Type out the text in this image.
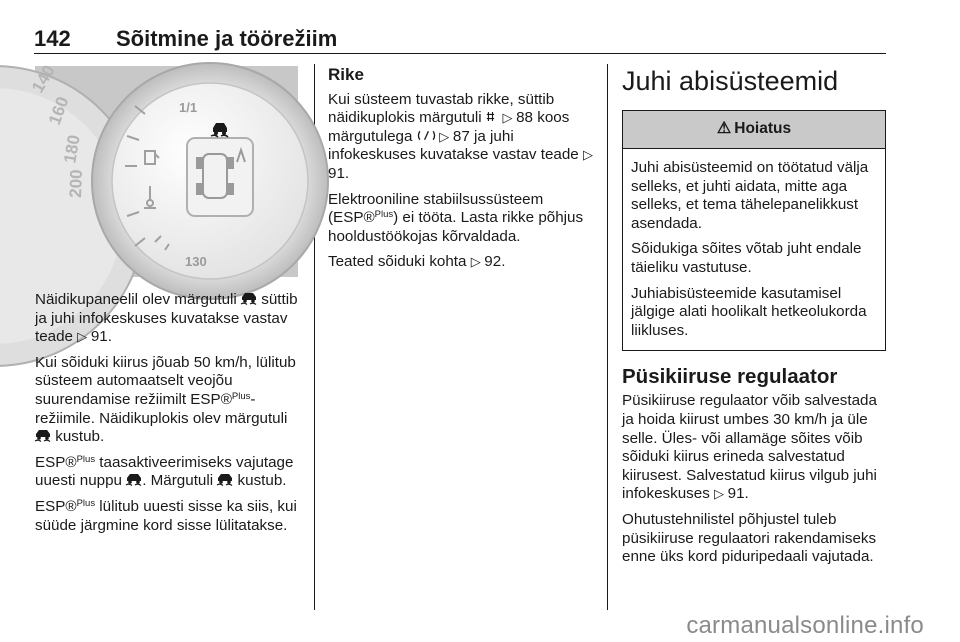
142 Sõitmine ja töörežiim
140
160
180
200
1/1
130

Näidikupaneelil olev märgutuli  süttib ja juhi infokeskuses kuvatakse vastav teade ▷ 91.

Kui sõiduki kiirus jõuab 50 km/h, lülitub süsteem automaatselt veojõu suurendamise režiimilt ESP®$^{Plus}$-režiimile. Näidikuplokis olev märgutuli  kustub.

ESP®$^{Plus}$ taasaktiveerimiseks vajutage uuesti nuppu . Märgutuli  kustub.

ESP®$^{Plus}$ lülitub uuesti sisse ka siis, kui süüde järgmine kord sisse lülitatakse.

Rike

Kui süsteem tuvastab rikke, süttib näidikuplokis märgutuli  ▷ 88 koos märgutulega  ▷ 87 ja juhi infokeskuses kuvatakse vastav teade ▷ 91.

Elektrooniline stabiilsussüsteem (ESP®$^{Plus}$) ei tööta. Lasta rikke põhjus hooldustöökojas kõrvaldada.

Teated sõiduki kohta ▷ 92.

Juhi abisüsteemid
⚠ Hoiatus

Juhi abisüsteemid on töötatud välja selleks, et juhti aidata, mitte aga selleks, et tema tähelepanelikkust asendada.

Sõidukiga sõites võtab juht endale täieliku vastutuse.

Juhiabisüsteemide kasutamisel jälgige alati hoolikalt hetkeolukorda liikluses.

Püsikiiruse regulaator

Püsikiiruse regulaator võib salvestada ja hoida kiirust umbes 30 km/h ja üle selle. Üles- või allamäge sõites võib sõiduki kiirus erineda salvestatud kiirusest. Salvestatud kiirus vilgub juhi infokeskuses ▷ 91.

Ohutustehnilistel põhjustel tuleb püsikiiruse regulaatori rakendamiseks enne üks kord piduripedaali vajutada.

carmanualsonline.info
